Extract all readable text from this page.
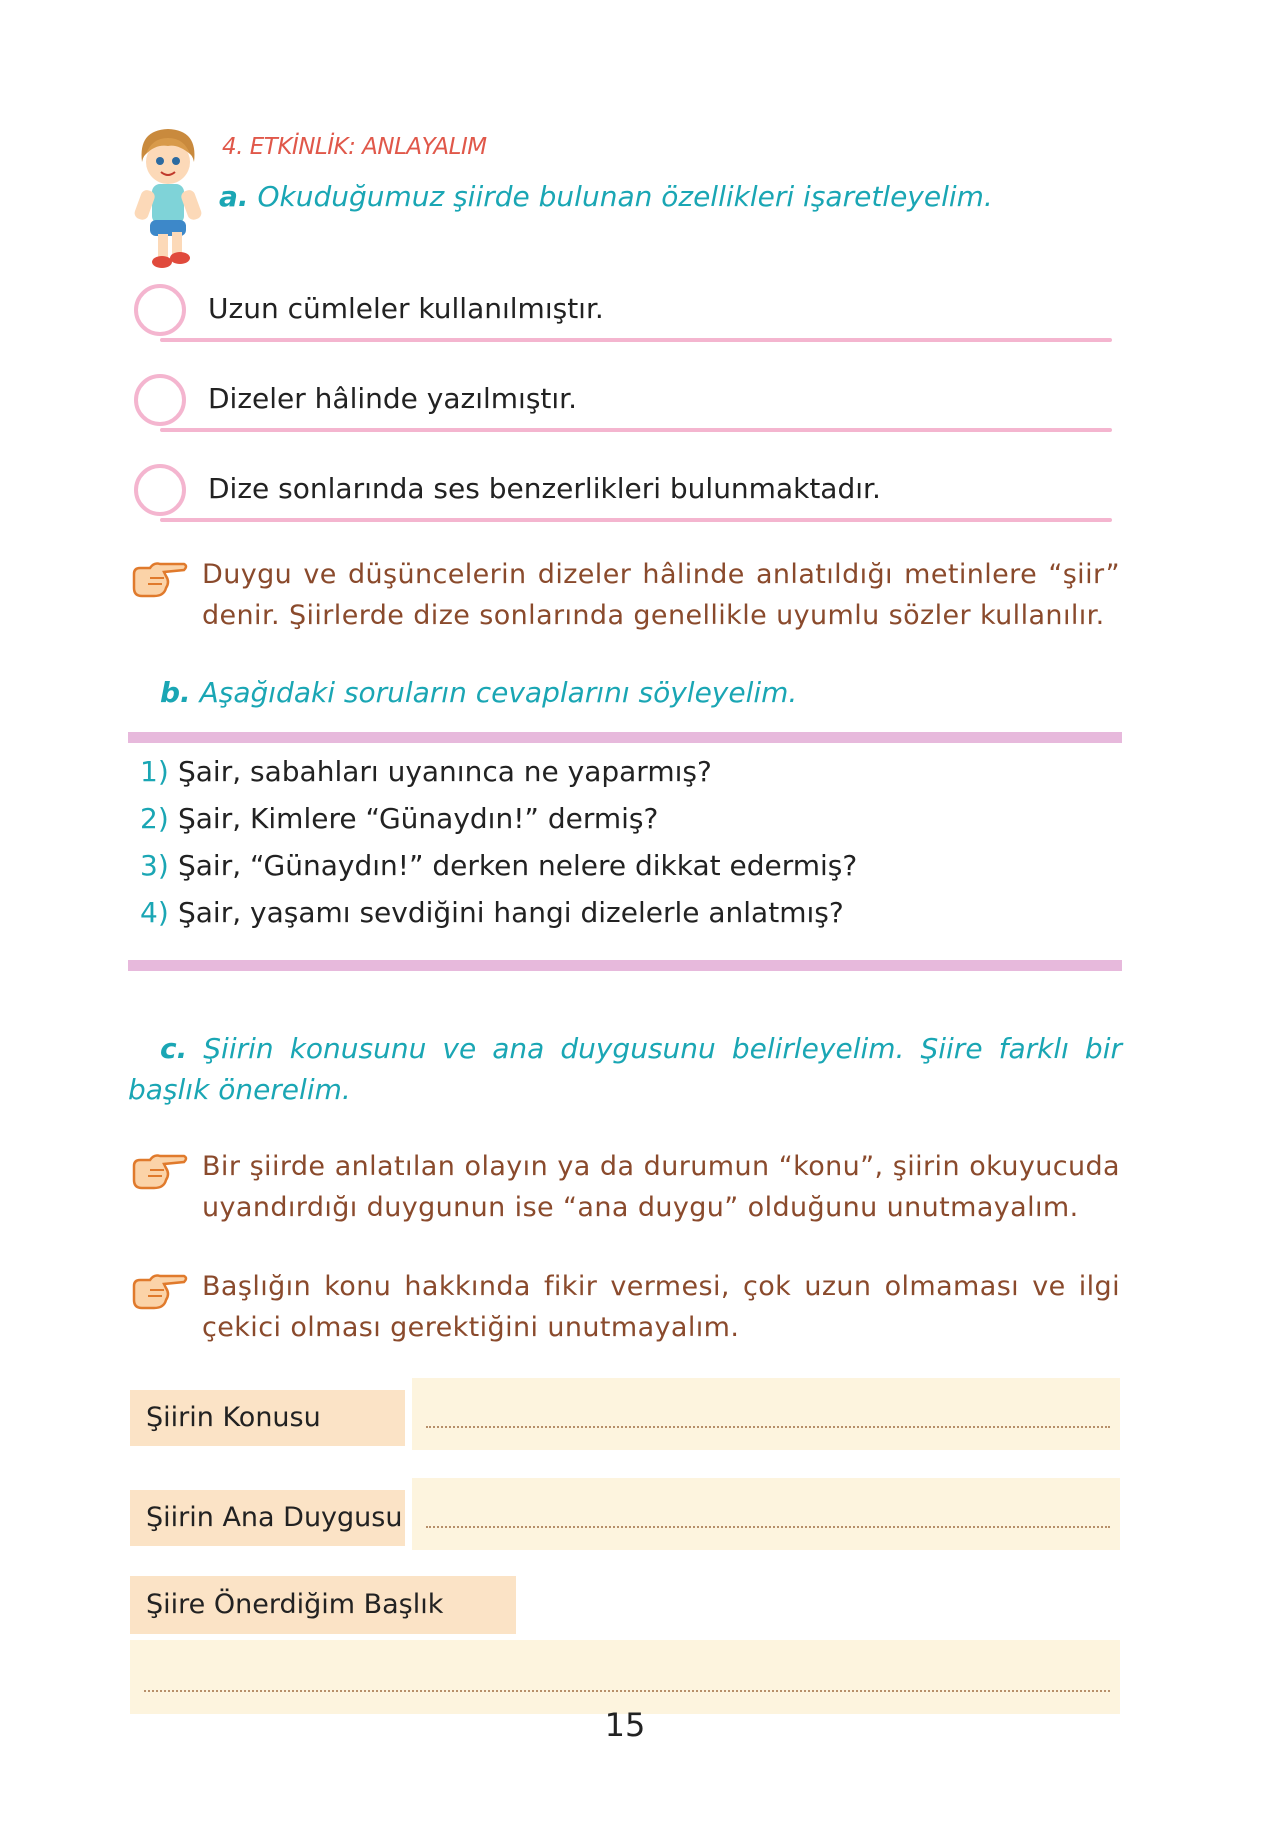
4. ETKİNLİK: ANLAYALIM
a. Okuduğumuz şiirde bulunan özellikleri işaretleyelim.
Uzun cümleler kullanılmıştır.
Dizeler hâlinde yazılmıştır.
Dize sonlarında ses benzerlikleri bulunmaktadır.
Duygu ve düşüncelerin dizeler hâlinde anlatıldığı metinlere “şiir” denir. Şiirlerde dize sonlarında genellikle uyumlu sözler kullanılır.
b. Aşağıdaki soruların cevaplarını söyleyelim.
1) Şair, sabahları uyanınca ne yaparmış?
2) Şair, Kimlere “Günaydın!” dermiş?
3) Şair, “Günaydın!” derken nelere dikkat edermiş?
4) Şair, yaşamı sevdiğini hangi dizelerle anlatmış?
c. Şiirin konusunu ve ana duygusunu belirleyelim. Şiire farklı bir başlık önerelim.
Bir şiirde anlatılan olayın ya da durumun “konu”, şiirin okuyucuda uyandırdığı duygunun ise “ana duygu” olduğunu unutmayalım.
Başlığın konu hakkında fikir vermesi, çok uzun olmaması ve ilgi çekici olması gerektiğini unutmayalım.
Şiirin Konusu
Şiirin Ana Duygusu
Şiire Önerdiğim Başlık
15
